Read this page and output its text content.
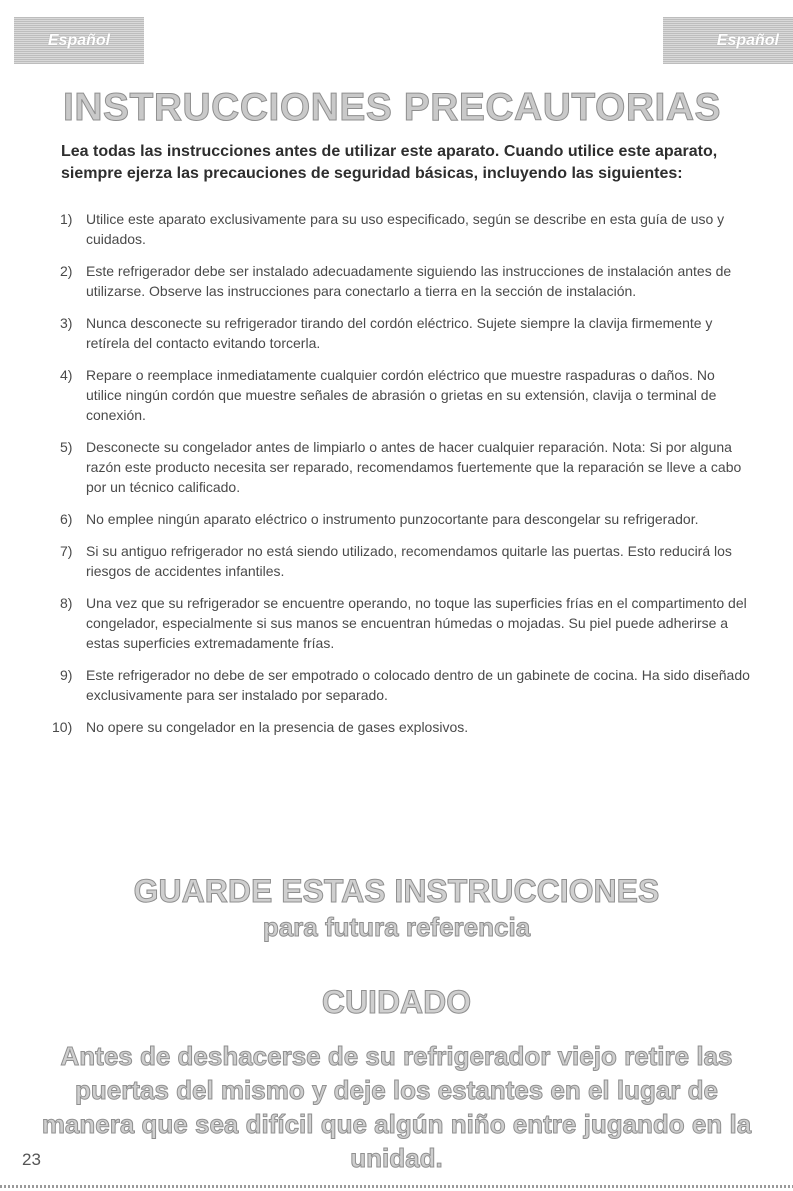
Español	Español
INSTRUCCIONES PRECAUTORIAS

Lea todas las instrucciones antes de utilizar este aparato. Cuando utilice este aparato, siempre ejerza las precauciones de seguridad básicas, incluyendo las siguientes:

1) Utilice este aparato exclusivamente para su uso especificado, según se describe en esta guía de uso y cuidados.
2) Este refrigerador debe ser instalado adecuadamente siguiendo las instrucciones de instalación antes de utilizarse. Observe las instrucciones para conectarlo a tierra en la sección de instalación.
3) Nunca desconecte su refrigerador tirando del cordón eléctrico. Sujete siempre la clavija firmemente y retírela del contacto evitando torcerla.
4) Repare o reemplace inmediatamente cualquier cordón eléctrico que muestre raspaduras o daños. No utilice ningún cordón que muestre señales de abrasión o grietas en su extensión, clavija o terminal de conexión.
5) Desconecte su congelador antes de limpiarlo o antes de hacer cualquier reparación. Nota: Si por alguna razón este producto necesita ser reparado, recomendamos fuertemente que la reparación se lleve a cabo por un técnico calificado.
6) No emplee ningún aparato eléctrico o instrumento punzocortante para descongelar su refrigerador.
7) Si su antiguo refrigerador no está siendo utilizado, recomendamos quitarle las puertas. Esto reducirá los riesgos de accidentes infantiles.
8) Una vez que su refrigerador se encuentre operando, no toque las superficies frías en el compartimento del congelador, especialmente si sus manos se encuentran húmedas o mojadas. Su piel puede adherirse a estas superficies extremadamente frías.
9) Este refrigerador no debe de ser empotrado o colocado dentro de un gabinete de cocina. Ha sido diseñado exclusivamente para ser instalado por separado.
10) No opere su congelador en la presencia de gases explosivos.
GUARDE ESTAS INSTRUCCIONES
para futura referencia
CUIDADO

Antes de deshacerse de su refrigerador viejo retire las puertas del mismo y deje los estantes en el lugar de manera que sea difícil que algún niño entre jugando en la unidad.

23
